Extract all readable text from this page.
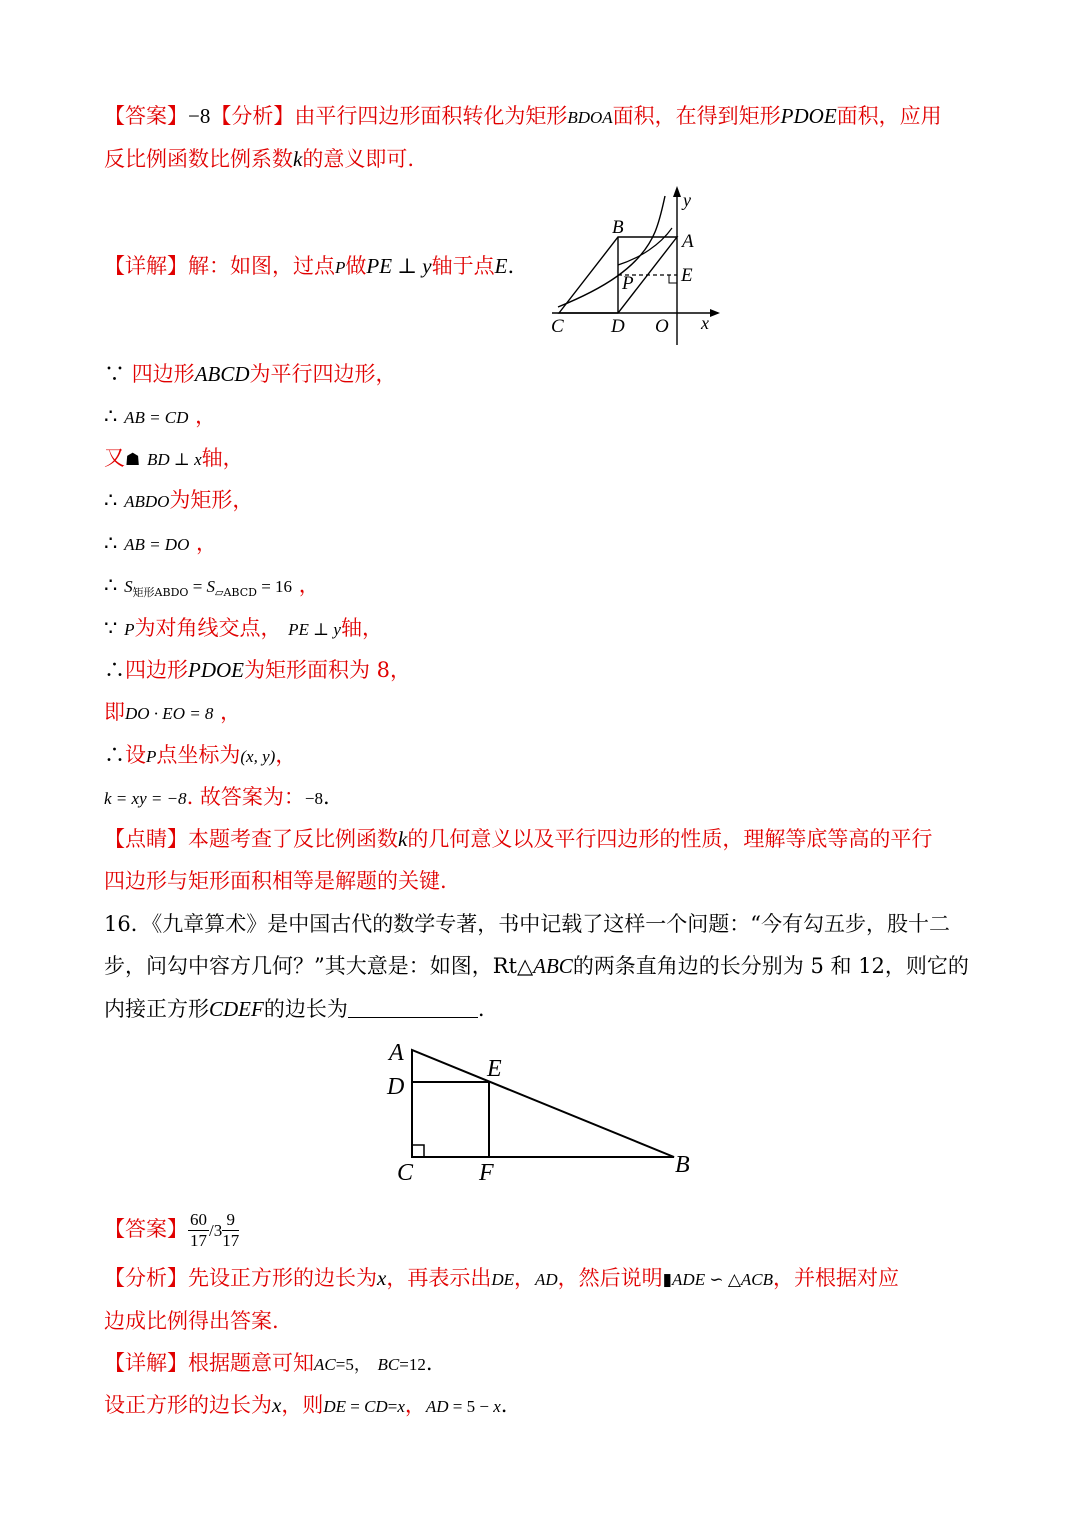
【答案】−8【分析】由平行四边形面积转化为矩形BDOA面积，在得到矩形PDOE面积，应用
反比例函数比例系数k的意义即可.
【详解】解：如图，过点P做PE ⊥ y轴于点E.
y
B
A
E
P
C D O x
∵ 四边形ABCD为平行四边形，
∴ AB = CD ，
又☗ BD ⊥ x轴，
∴ ABDO为矩形，
∴ AB = DO ，
∴ $S_{矩形ABDO} = S_{▱ABCD} = 16$ ，
∵ P为对角线交点， PE ⊥ y轴，
∴四边形PDOE为矩形面积为 8，
即DO · EO = 8 ，
∴设P点坐标为(x, y)，
k = xy = −8. 故答案为：−8.
【点睛】本题考查了反比例函数k的几何意义以及平行四边形的性质，理解等底等高的平行
四边形与矩形面积相等是解题的关键.
16．《九章算术》是中国古代的数学专著，书中记载了这样一个问题：“今有勾五步，股十二
步，问勾中容方几何？”其大意是：如图，Rt△ABC的两条直角边的长分别为 5 和 12，则它的
内接正方形CDEF的边长为	.
A
D
E
C	F	B
【答案】 $\frac{60}{17} /3 \frac{9}{17}$
【分析】先设正方形的边长为x，再表示出DE，AD，然后说明▮ADE ∽ △ACB，并根据对应
边成比例得出答案.
【详解】根据题意可知AC=5， BC=12.
设正方形的边长为x，则DE = CD=x，AD = 5 − x.
